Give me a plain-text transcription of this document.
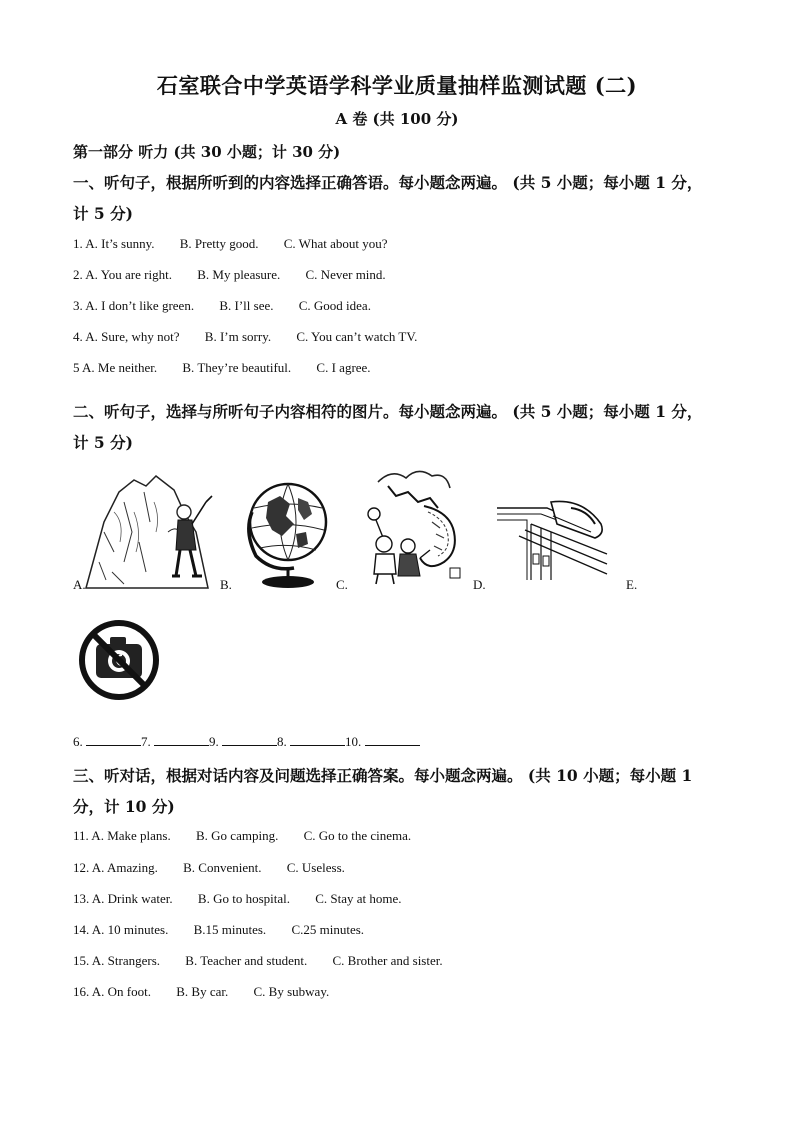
石室联合中学英语学科学业质量抽样监测试题 (二)
A 卷 (共 100 分)
第一部分 听力 (共 30 小题；计 30 分)
一、听句子，根据所听到的内容选择正确答语。每小题念两遍。 (共 5 小题；每小题 1 分，
计 5 分)
1. A. It’s sunny. B. Pretty good. C. What about you?
2. A. You are right. B. My pleasure. C. Never mind.
3. A. I don’t like green. B. I’ll see. C. Good idea.
4. A. Sure, why not? B. I’m sorry. C. You can’t watch TV.
5 A. Me neither. B. They’re beautiful. C. I agree.
二、听句子，选择与所听句子内容相符的图片。每小题念两遍。 (共 5 小题；每小题 1 分，
计 5 分)
A.	B.	C.	D.	E.
6.	7.	9.	8.	10.
三、听对话，根据对话内容及问题选择正确答案。每小题念两遍。 (共 10 小题；每小题 1
分，计 10 分)
11. A. Make plans. B. Go camping. C. Go to the cinema.
12. A. Amazing. B. Convenient. C. Useless.
13. A. Drink water. B. Go to hospital. C. Stay at home.
14. A. 10 minutes. B.15 minutes. C.25 minutes.
15. A. Strangers. B. Teacher and student. C. Brother and sister.
16. A. On foot. B. By car. C. By subway.
